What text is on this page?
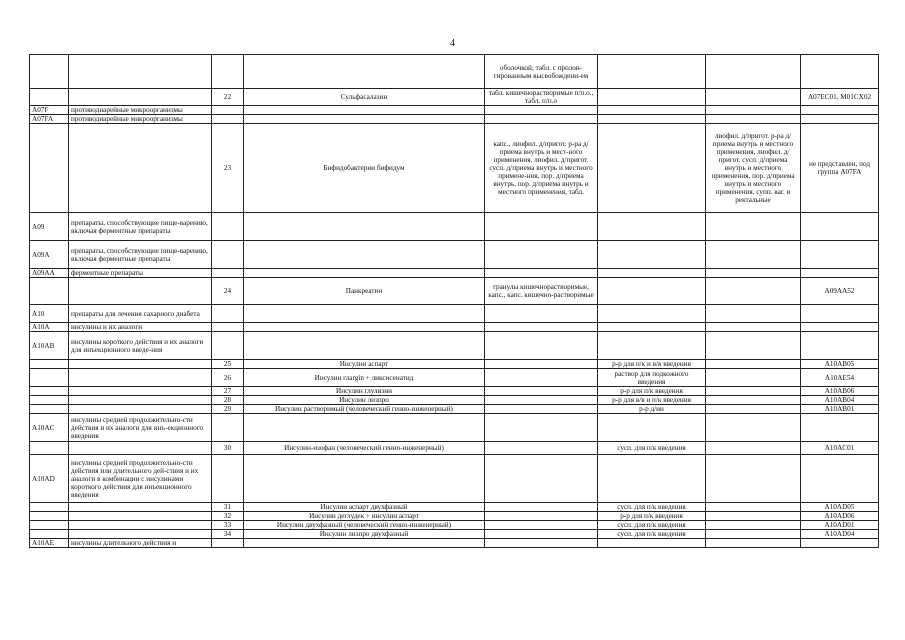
4
				оболочкой; табл. с пролон-гированным высвобождени-ем			
		22	Сульфасалазин	табл. кишечнорастворимые п/п.о., табл. п/п.о			A07EC01, M01CX02
A07F	противодиарейные микроорганизмы						
A07FA	противодиарейные микроорганизмы						
		23	Бифидобактерии бифидум	капс., лиофил. д/пригот. р-ра д/приема внутрь и мест-ного применения, лиофил. д/пригот. сусп. д/приема внутрь и местного примене-ния, пор. д/приема внутрь, пор. д/приема внутрь и местного применения, табл.		лиофил. д/пригот. р-ра д/приема внутрь и местного применения, лиофил. д/пригот. сусп. д/приема внутрь и местного применения, пор. д/приема внутрь и местного применения, супп. ваг. и ректальные	не представлен, под группа A07FA
A09	препараты, способствующие пище-варению, включая ферментные препараты						
A09A	препараты, способствующие пище-варению, включая ферментные препараты						
A09AA	ферментные препараты						
		24	Панкреатин	гранулы кишечнорастворимые, капс., капс. кишечно-растворимые			A09AA52
A10	препараты для лечения сахарного диабета						
A10A	инсулины и их аналоги						
A10AB	инсулины короткого действия и их аналоги для инъекционного введе-ния						
		25	Инсулин аспарт		р-р для п/к и в/в введения		A10AB05
		26	Инсулин глargin + ликсисенатид		раствор для подкожного введения		A10AE54
		27	Инсулин глулизин		р-р для п/к введения		A10AB06
		28	Инсулин лизпро		р-р для в/в и п/к введения		A10AB04
		29	Инсулин растворимый (человеческий генно-инженерный)		р-р д/ин		A10AB01
A10AC	инсулины средней продолжительно-сти действия и их аналоги для инъ-екционного введения						
		30	Инсулин-изофан (человеческий генно-инженерный)		сусп. для п/к введения		A10AC01
A10AD	инсулины средней продолжительно-сти действия или длительного дей-ствия и их аналоги в комбинации с инсулинами короткого действия для инъекционного введения						
		31	Инсулин аспарт двухфазный		сусп. для п/к введения		A10AD05
		32	Инсулин деглудек + инсулин аспарт		р-р для п/к введения		A10AD06
		33	Инсулин двухфазный (человеческий генно-инженерный)		сусп. для п/к введения		A10AD01
		34	Инсулин лизпро двухфазный		сусп. для п/к введения		A10AD04
A10AE	инсулины длительного действия и						
